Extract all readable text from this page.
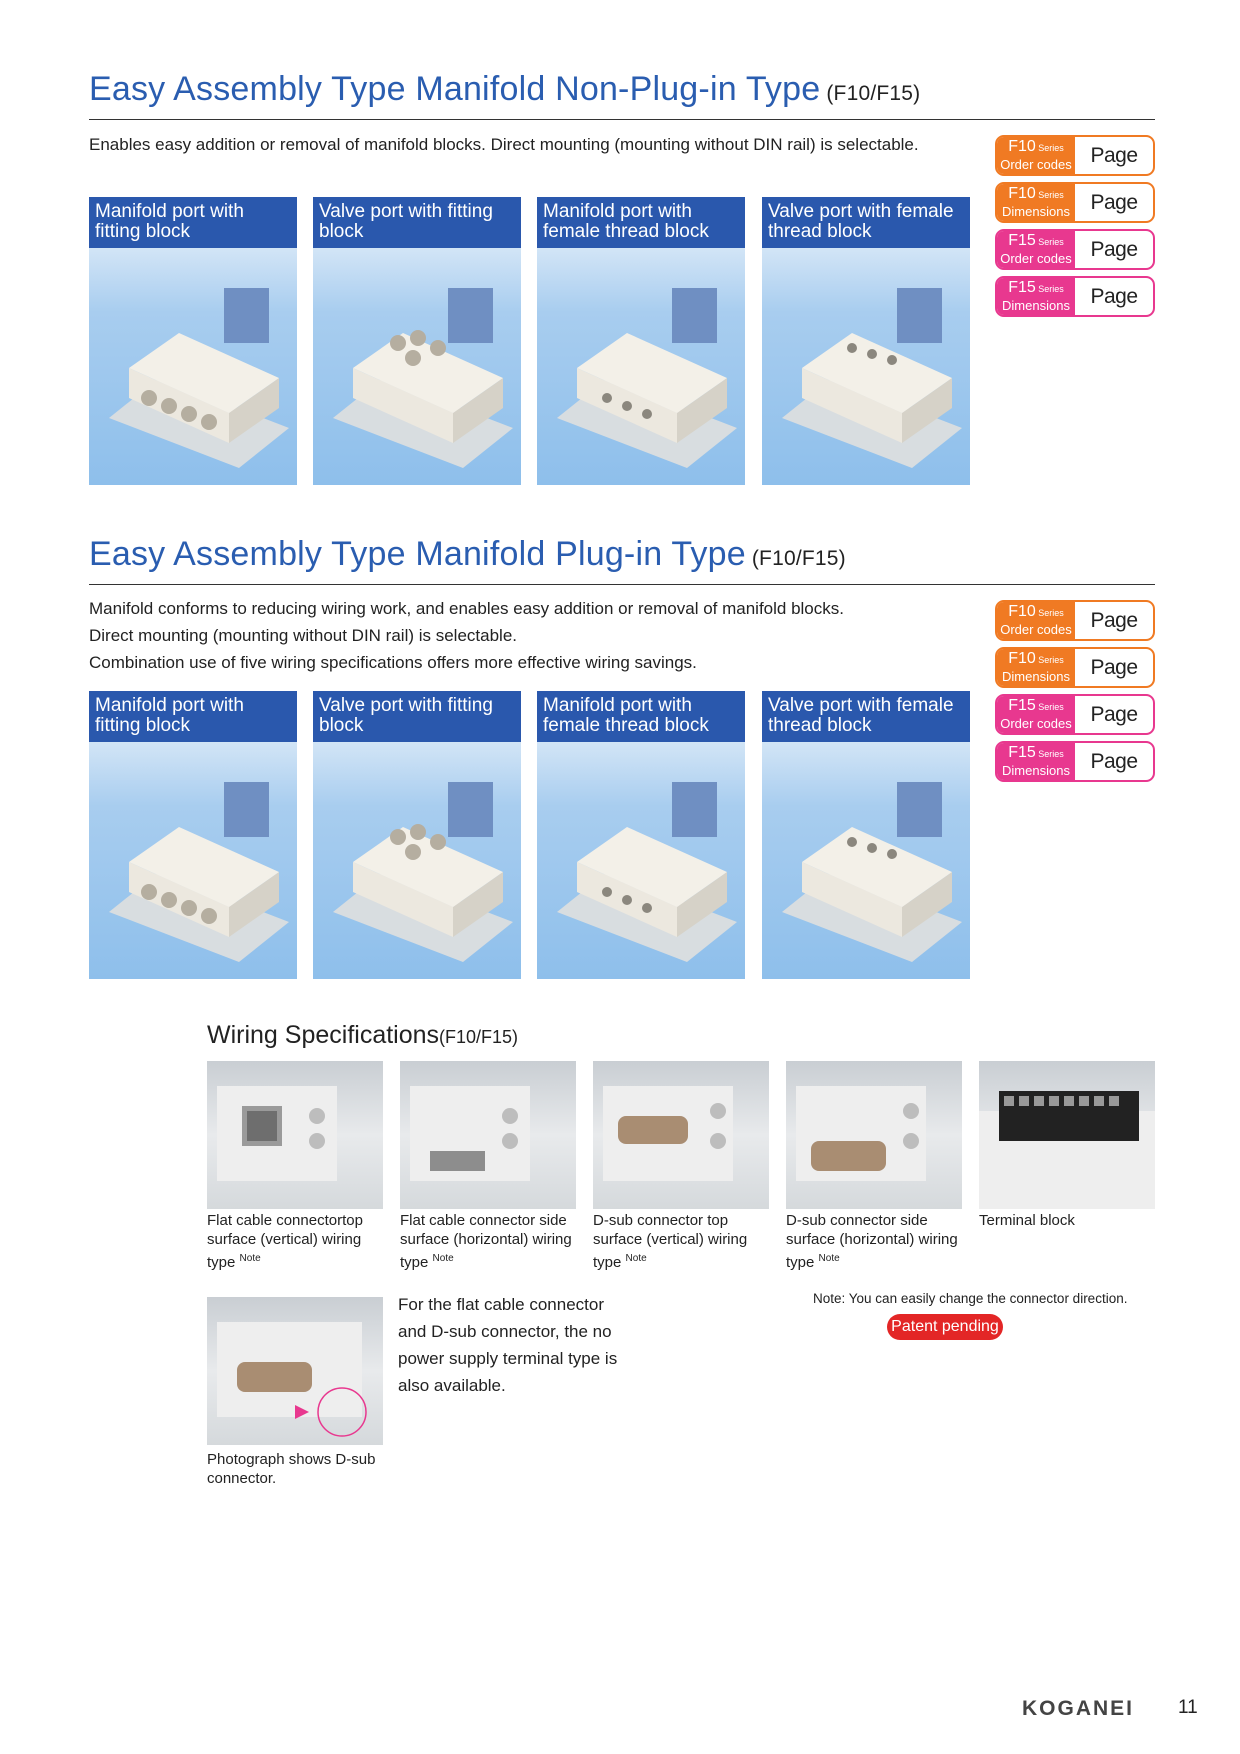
Easy Assembly Type Manifold Non-Plug-in Type (F10/F15)
Enables easy addition or removal of manifold blocks. Direct mounting (mounting without DIN rail) is selectable.
Manifold port with fitting block
Valve port with fitting block
Manifold port with female thread block
Valve port with female thread block
F10 Series
Order codes Page
F10 Series
Dimensions Page
F15 Series
Order codes Page
F15 Series
Dimensions Page
Easy Assembly Type Manifold Plug-in Type (F10/F15)
Manifold conforms to reducing wiring work, and enables easy addition or removal of manifold blocks.
Direct mounting (mounting without DIN rail) is selectable.
Combination use of five wiring specifications offers more effective wiring savings.
Manifold port with fitting block
Valve port with fitting block
Manifold port with female thread block
Valve port with female thread block
F10 Series
Order codes Page
F10 Series
Dimensions Page
F15 Series
Order codes Page
F15 Series
Dimensions Page
Wiring Specifications(F10/F15)
Flat cable connectortop surface (vertical) wiring type $^{Note}$
Flat cable connector side surface (horizontal) wiring type $^{Note}$
D-sub connector top surface (vertical) wiring type $^{Note}$
D-sub connector side surface (horizontal) wiring type $^{Note}$
Terminal block
Note: You can easily change the connector direction.
Patent pending
For the flat cable connector and D-sub connector, the no power supply terminal type is also available.
Photograph shows D-sub connector.
KOGANEI 11
